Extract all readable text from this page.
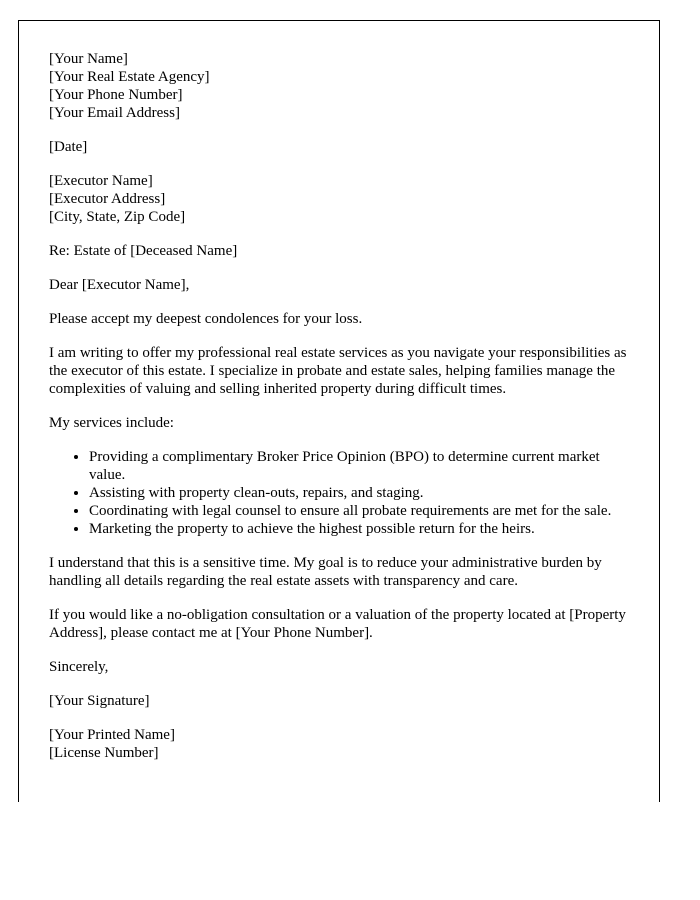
[Your Name]
[Your Real Estate Agency]
[Your Phone Number]
[Your Email Address]

[Date]

[Executor Name]
[Executor Address]
[City, State, Zip Code]

Re: Estate of [Deceased Name]

Dear [Executor Name],

Please accept my deepest condolences for your loss.

I am writing to offer my professional real estate services as you navigate your responsibilities as the executor of this estate. I specialize in probate and estate sales, helping families manage the complexities of valuing and selling inherited property during difficult times.

My services include:

• Providing a complimentary Broker Price Opinion (BPO) to determine current market value.
• Assisting with property clean-outs, repairs, and staging.
• Coordinating with legal counsel to ensure all probate requirements are met for the sale.
• Marketing the property to achieve the highest possible return for the heirs.

I understand that this is a sensitive time. My goal is to reduce your administrative burden by handling all details regarding the real estate assets with transparency and care.

If you would like a no-obligation consultation or a valuation of the property located at [Property Address], please contact me at [Your Phone Number].

Sincerely,

[Your Signature]

[Your Printed Name]
[License Number]
